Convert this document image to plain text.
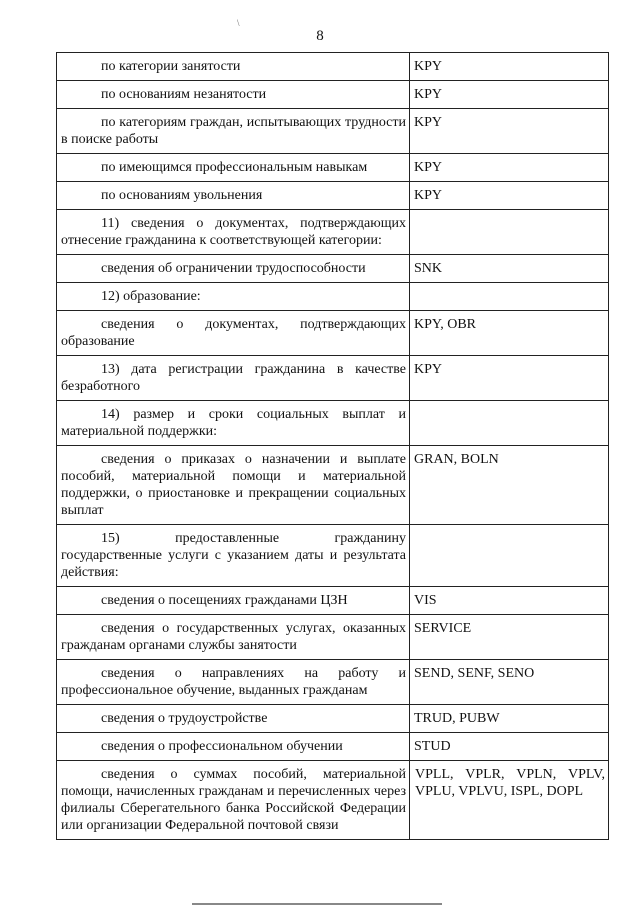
\
8
по категории занятости	KPY

по основаниям незанятости	KPY

по категориям граждан, испытывающих трудности в поиске работы	KPY

по имеющимся профессиональным навыкам	KPY

по основаниям увольнения	KPY

11) сведения о документах, подтверждающих отнесение гражданина к соответствующей категории:	

сведения об ограничении трудоспособности	SNK

12) образование:	

сведения о документах, подтверждающих образование	KPY, OBR

13) дата регистрации гражданина в качестве безработного	KPY

14) размер и сроки социальных выплат и материальной поддержки:	

сведения о приказах о назначении и выплате пособий, материальной помощи и материальной поддержки, о приостановке и прекращении социальных выплат	GRAN, BOLN

15) предоставленные гражданину государственные услуги с указанием даты и результата действия:	

сведения о посещениях гражданами ЦЗН	VIS

сведения о государственных услугах, оказанных гражданам органами службы занятости	SERVICE

сведения о направлениях на работу и профессиональное обучение, выданных гражданам	SEND, SENF, SENO

сведения о трудоустройстве	TRUD, PUBW

сведения о профессиональном обучении	STUD

сведения о суммах пособий, материальной помощи, начисленных гражданам и перечисленных через филиалы Сберегательного банка Российской Федерации или организации Федеральной почтовой связи	VPLL, VPLR, VPLN, VPLV, VPLU, VPLVU, ISPL, DOPL
